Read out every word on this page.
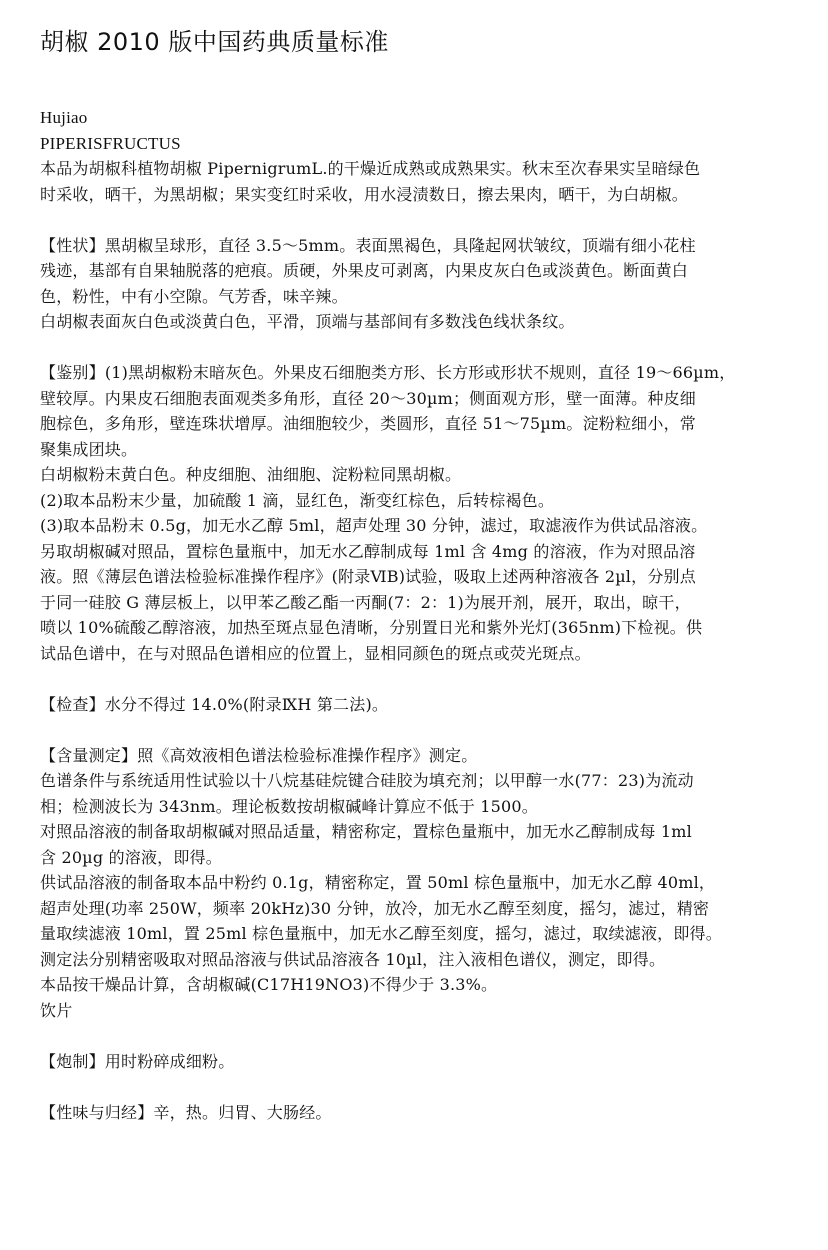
胡椒 2010 版中国药典质量标准
Hujiao
PIPERISFRUCTUS
本品为胡椒科植物胡椒 PipernigrumL.的干燥近成熟或成熟果实。秋末至次春果实呈暗绿色
时采收，晒干，为黑胡椒；果实变红时采收，用水浸渍数日，擦去果肉，晒干，为白胡椒。
【性状】黑胡椒呈球形，直径 3.5～5mm。表面黑褐色，具隆起网状皱纹，顶端有细小花柱
残迹，基部有自果轴脱落的疤痕。质硬，外果皮可剥离，内果皮灰白色或淡黄色。断面黄白
色，粉性，中有小空隙。气芳香，味辛辣。
白胡椒表面灰白色或淡黄白色，平滑，顶端与基部间有多数浅色线状条纹。
【鉴别】(1)黑胡椒粉末暗灰色。外果皮石细胞类方形、长方形或形状不规则，直径 19～66µm，
壁较厚。内果皮石细胞表面观类多角形，直径 20～30µm；侧面观方形，壁一面薄。种皮细
胞棕色，多角形，壁连珠状增厚。油细胞较少，类圆形，直径 51～75µm。淀粉粒细小，常
聚集成团块。
白胡椒粉末黄白色。种皮细胞、油细胞、淀粉粒同黑胡椒。
(2)取本品粉末少量，加硫酸 1 滴，显红色，渐变红棕色，后转棕褐色。
(3)取本品粉末 0.5g，加无水乙醇 5ml，超声处理 30 分钟，滤过，取滤液作为供试品溶液。
另取胡椒碱对照品，置棕色量瓶中，加无水乙醇制成每 1ml 含 4mg 的溶液，作为对照品溶
液。照《薄层色谱法检验标准操作程序》(附录ⅥB)试验，吸取上述两种溶液各 2µl，分别点
于同一硅胶 G 薄层板上，以甲苯乙酸乙酯一丙酮(7：2：1)为展开剂，展开，取出，晾干，
喷以 10%硫酸乙醇溶液，加热至斑点显色清晰，分别置日光和紫外光灯(365nm)下检视。供
试品色谱中，在与对照品色谱相应的位置上，显相同颜色的斑点或荧光斑点。
【检查】水分不得过 14.0%(附录ⅨH 第二法)。
【含量测定】照《高效液相色谱法检验标准操作程序》测定。
色谱条件与系统适用性试验以十八烷基硅烷键合硅胶为填充剂；以甲醇一水(77：23)为流动
相；检测波长为 343nm。理论板数按胡椒碱峰计算应不低于 1500。
对照品溶液的制备取胡椒碱对照品适量，精密称定，置棕色量瓶中，加无水乙醇制成每 1ml
含 20µg 的溶液，即得。
供试品溶液的制备取本品中粉约 0.1g，精密称定，置 50ml 棕色量瓶中，加无水乙醇 40ml，
超声处理(功率 250W，频率 20kHz)30 分钟，放冷，加无水乙醇至刻度，摇匀，滤过，精密
量取续滤液 10ml，置 25ml 棕色量瓶中，加无水乙醇至刻度，摇匀，滤过，取续滤液，即得。
测定法分别精密吸取对照品溶液与供试品溶液各 10µl，注入液相色谱仪，测定，即得。
本品按干燥品计算，含胡椒碱(C17H19NO3)不得少于 3.3%。
饮片
【炮制】用时粉碎成细粉。
【性味与归经】辛，热。归胃、大肠经。
